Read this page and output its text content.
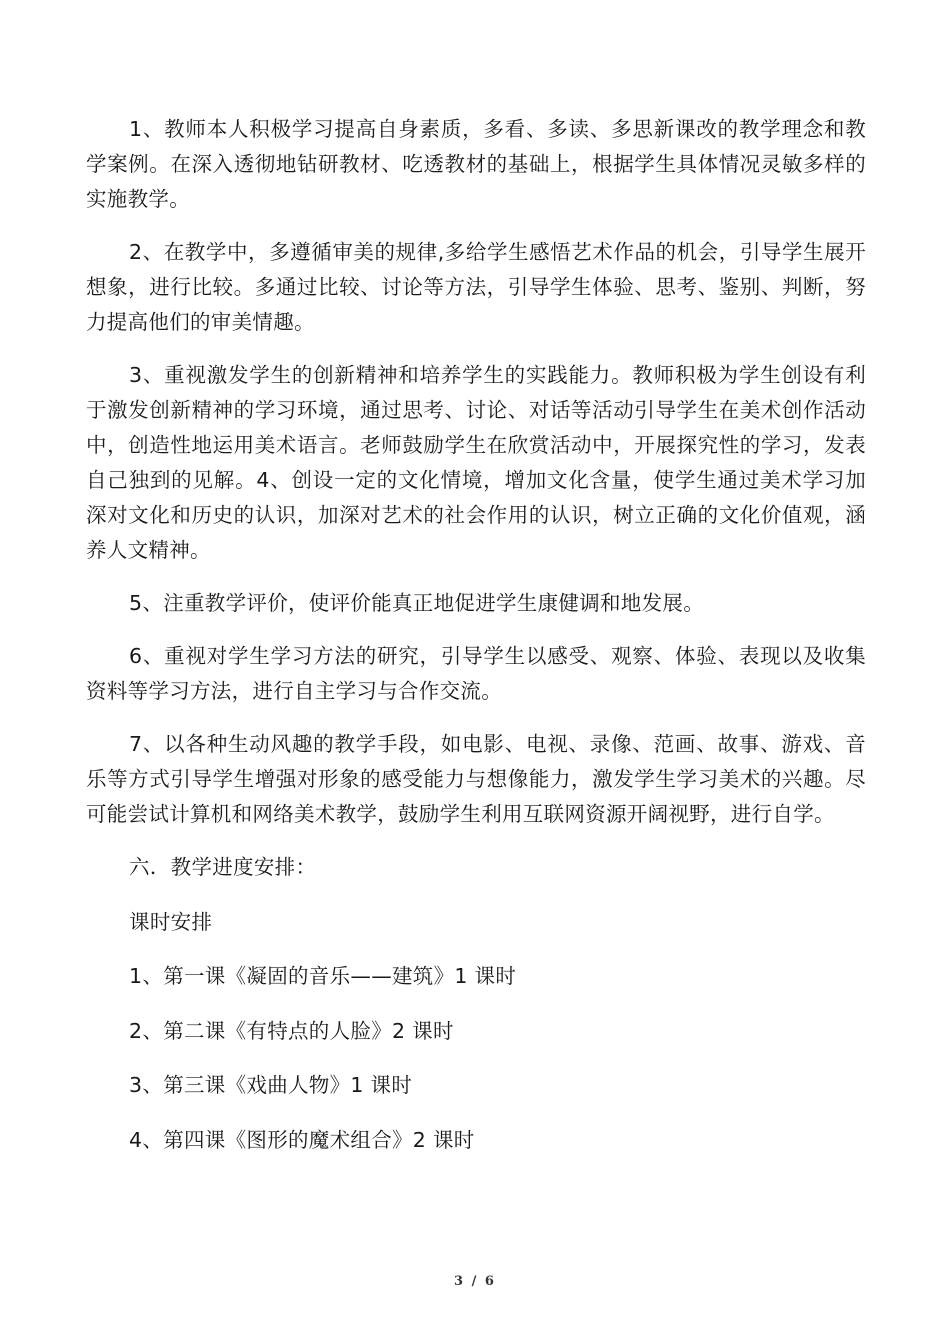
1、教师本人积极学习提高自身素质，多看、多读、多思新课改的教学理念和教学案例。在深入透彻地钻研教材、吃透教材的基础上，根据学生具体情况灵敏多样的实施教学。

2、在教学中，多遵循审美的规律,多给学生感悟艺术作品的机会，引导学生展开想象，进行比较。多通过比较、讨论等方法，引导学生体验、思考、鉴别、判断，努力提高他们的审美情趣。

3、重视激发学生的创新精神和培养学生的实践能力。教师积极为学生创设有利于激发创新精神的学习环境，通过思考、讨论、对话等活动引导学生在美术创作活动中，创造性地运用美术语言。老师鼓励学生在欣赏活动中，开展探究性的学习，发表自己独到的见解。4、创设一定的文化情境，增加文化含量，使学生通过美术学习加深对文化和历史的认识，加深对艺术的社会作用的认识，树立正确的文化价值观，涵养人文精神。

5、注重教学评价，使评价能真正地促进学生康健调和地发展。

6、重视对学生学习方法的研究，引导学生以感受、观察、体验、表现以及收集资料等学习方法，进行自主学习与合作交流。

7、以各种生动风趣的教学手段，如电影、电视、录像、范画、故事、游戏、音乐等方式引导学生增强对形象的感受能力与想像能力，激发学生学习美术的兴趣。尽可能尝试计算机和网络美术教学，鼓励学生利用互联网资源开阔视野，进行自学。

六．教学进度安排：

课时安排

1、第一课《凝固的音乐——建筑》1 课时

2、第二课《有特点的人脸》2 课时

3、第三课《戏曲人物》1 课时

4、第四课《图形的魔术组合》2 课时

3 / 6
